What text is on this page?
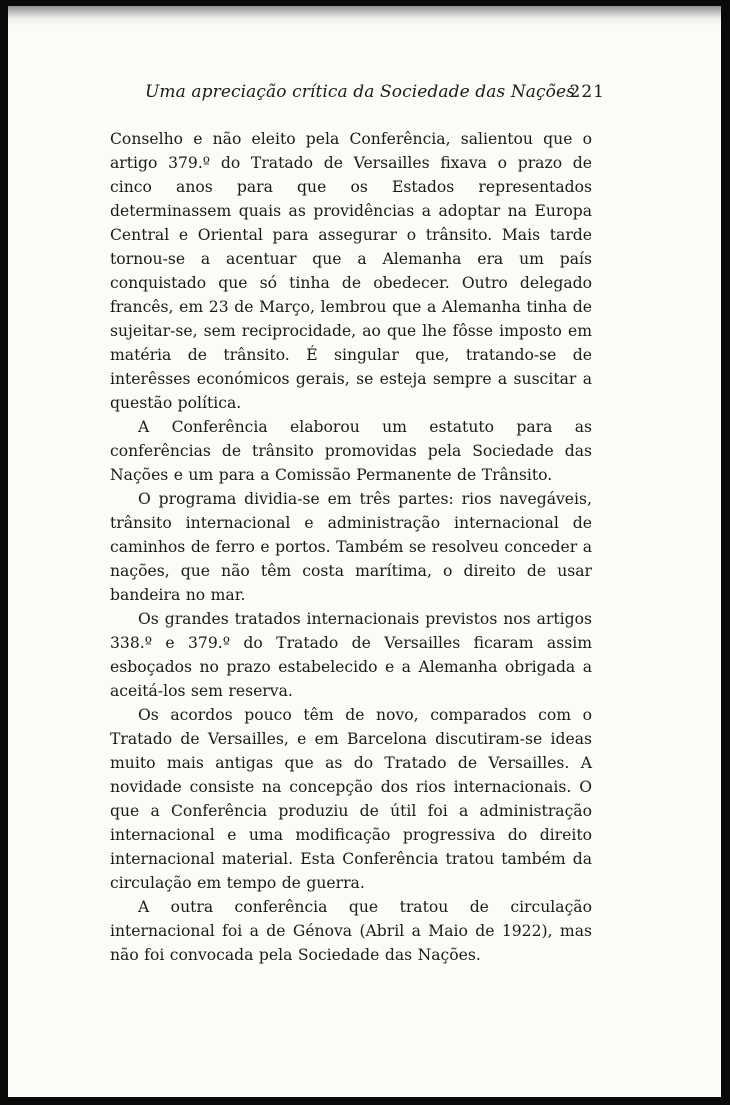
Uma apreciação crítica da Sociedade das Nações
221

Conselho e não eleito pela Conferência, salientou que o artigo 379.º do Tratado de Versailles fixava o prazo de cinco anos para que os Estados representados determinassem quais as providências a adoptar na Europa Central e Oriental para assegurar o trânsito. Mais tarde tornou-se a acentuar que a Alemanha era um país conquistado que só tinha de obedecer. Outro delegado francês, em 23 de Março, lembrou que a Alemanha tinha de sujeitar-se, sem reciprocidade, ao que lhe fôsse imposto em matéria de trânsito. É singular que, tratando-se de interêsses económicos gerais, se esteja sempre a suscitar a questão política.

A Conferência elaborou um estatuto para as conferências de trânsito promovidas pela Sociedade das Nações e um para a Comissão Permanente de Trânsito.

O programa dividia-se em três partes: rios navegáveis, trânsito internacional e administração internacional de caminhos de ferro e portos. Também se resolveu conceder a nações, que não têm costa marítima, o direito de usar bandeira no mar.

Os grandes tratados internacionais previstos nos artigos 338.º e 379.º do Tratado de Versailles ficaram assim esboçados no prazo estabelecido e a Alemanha obrigada a aceitá-los sem reserva.

Os acordos pouco têm de novo, comparados com o Tratado de Versailles, e em Barcelona discutiram-se ideas muito mais antigas que as do Tratado de Versailles. A novidade consiste na concepção dos rios internacionais. O que a Conferência produziu de útil foi a administração internacional e uma modificação progressiva do direito internacional material. Esta Conferência tratou também da circulação em tempo de guerra.

A outra conferência que tratou de circulação internacional foi a de Génova (Abril a Maio de 1922), mas não foi convocada pela Sociedade das Nações.
